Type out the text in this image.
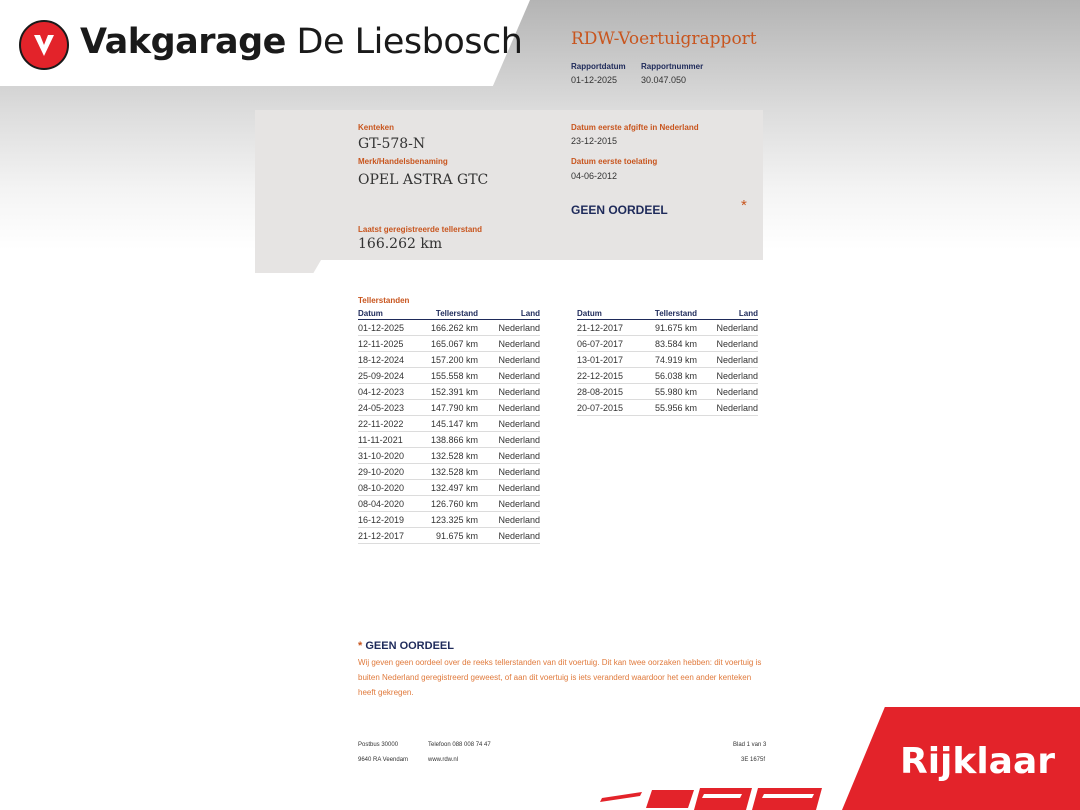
Vakgarage De Liesbosch	RDW-Voertuigrapport
Rapportdatum Rapportnummer
01-12-2025	30.047.050
Kenteken
GT-578-N
Merk/Handelsbenaming
OPEL ASTRA GTC
Laatst geregistreerde tellerstand
166.262 km
Datum eerste afgifte in Nederland
23-12-2015
Datum eerste toelating
04-06-2012
GEEN OORDEEL	*
Tellerstanden
Datum	Tellerstand	Land
01-12-2025	166.262 km	Nederland
12-11-2025	165.067 km	Nederland
18-12-2024	157.200 km	Nederland
25-09-2024	155.558 km	Nederland
04-12-2023	152.391 km	Nederland
24-05-2023	147.790 km	Nederland
22-11-2022	145.147 km	Nederland
11-11-2021	138.866 km	Nederland
31-10-2020	132.528 km	Nederland
29-10-2020	132.528 km	Nederland
08-10-2020	132.497 km	Nederland
08-04-2020	126.760 km	Nederland
16-12-2019	123.325 km	Nederland
21-12-2017	91.675 km	Nederland
Datum	Tellerstand	Land
21-12-2017	91.675 km	Nederland
06-07-2017	83.584 km	Nederland
13-01-2017	74.919 km	Nederland
22-12-2015	56.038 km	Nederland
28-08-2015	55.980 km	Nederland
20-07-2015	55.956 km	Nederland
* GEEN OORDEEL
Wij geven geen oordeel over de reeks tellerstanden van dit voertuig. Dit kan twee oorzaken hebben: dit voertuig is buiten Nederland geregistreerd geweest, of aan dit voertuig is iets veranderd waardoor het een ander kenteken heeft gekregen.
Postbus 30000
9640 RA Veendam
Telefoon 088 008 74 47
www.rdw.nl
Blad 1 van 3
3E 1675f	Rijklaar
